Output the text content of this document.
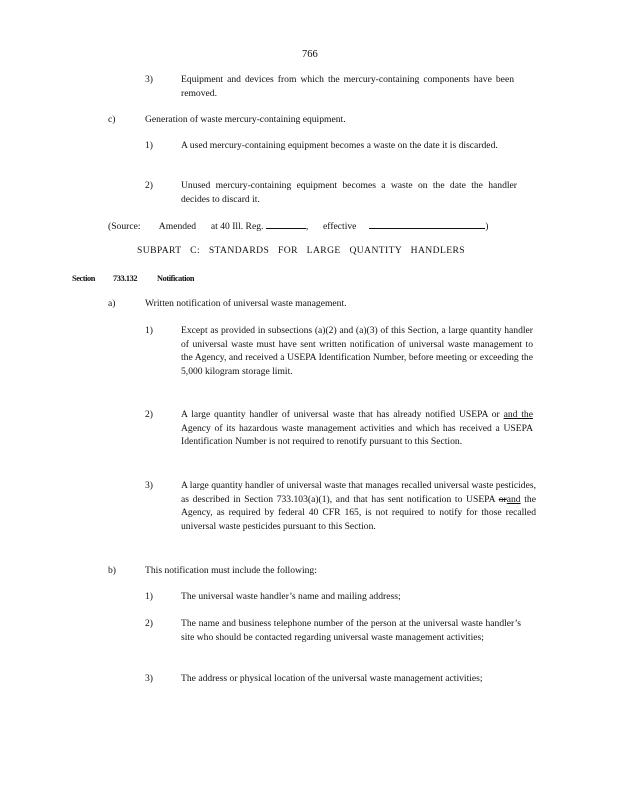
766
3)	Equipment and devices from which the mercury-containing components have been removed.
c)	Generation of waste mercury-containing equipment.
1)	A used mercury-containing equipment becomes a waste on the date it is discarded.
2)	Unused mercury-containing equipment becomes a waste on the date the handler decides to discard it.
(Source: Amended at 40 Ill. Reg.	, effective	)
SUBPART C: STANDARDS FOR LARGE QUANTITY HANDLERS
Section 733.132 Notification
a)	Written notification of universal waste management.
1)	Except as provided in subsections (a)(2) and (a)(3) of this Section, a large quantity handler of universal waste must have sent written notification of universal waste management to the Agency, and received a USEPA Identification Number, before meeting or exceeding the 5,000 kilogram storage limit.
2)	A large quantity handler of universal waste that has already notified USEPA or and the Agency of its hazardous waste management activities and which has received a USEPA Identification Number is not required to renotify pursuant to this Section.
3)	A large quantity handler of universal waste that manages recalled universal waste pesticides, as described in Section 733.103(a)(1), and that has sent notification to USEPA orand the Agency, as required by federal 40 CFR 165, is not required to notify for those recalled universal waste pesticides pursuant to this Section.
b)	This notification must include the following:
1)	The universal waste handler’s name and mailing address;
2)	The name and business telephone number of the person at the universal waste handler’s site who should be contacted regarding universal waste management activities;
3)	The address or physical location of the universal waste management activities;
